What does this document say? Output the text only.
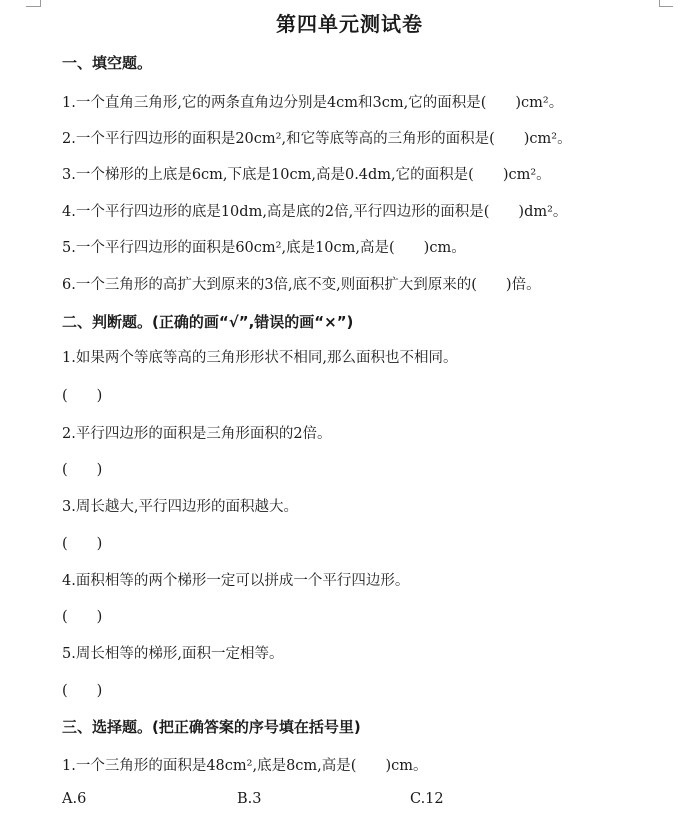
第四单元测试卷
一、填空题。
1.一个直角三角形,它的两条直角边分别是4cm和3cm,它的面积是(　　)cm²。
2.一个平行四边形的面积是20cm²,和它等底等高的三角形的面积是(　　)cm²。
3.一个梯形的上底是6cm,下底是10cm,高是0.4dm,它的面积是(　　)cm²。
4.一个平行四边形的底是10dm,高是底的2倍,平行四边形的面积是(　　)dm²。
5.一个平行四边形的面积是60cm²,底是10cm,高是(　　)cm。
6.一个三角形的高扩大到原来的3倍,底不变,则面积扩大到原来的(　　)倍。
二、判断题。(正确的画“√”,错误的画“×”)
1.如果两个等底等高的三角形形状不相同,那么面积也不相同。
(　　)
2.平行四边形的面积是三角形面积的2倍。
(　　)
3.周长越大,平行四边形的面积越大。
(　　)
4.面积相等的两个梯形一定可以拼成一个平行四边形。
(　　)
5.周长相等的梯形,面积一定相等。
(　　)
三、选择题。(把正确答案的序号填在括号里)
1.一个三角形的面积是48cm²,底是8cm,高是(　　)cm。
A.6	B.3	C.12
